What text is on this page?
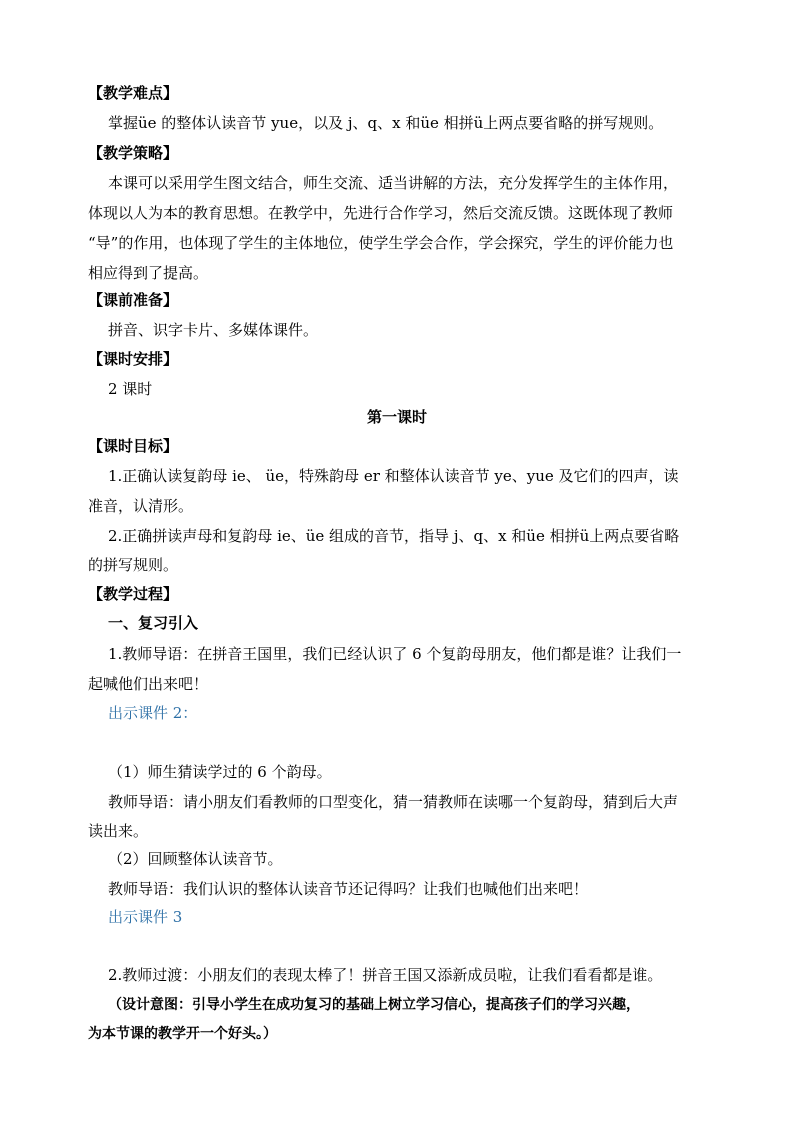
【教学难点】
掌握üe 的整体认读音节 yue，以及 j、q、x 和üe 相拼ü上两点要省略的拼写规则。
【教学策略】
本课可以采用学生图文结合，师生交流、适当讲解的方法，充分发挥学生的主体作用，
体现以人为本的教育思想。在教学中，先进行合作学习，然后交流反馈。这既体现了教师
“导”的作用，也体现了学生的主体地位，使学生学会合作，学会探究，学生的评价能力也
相应得到了提高。
【课前准备】
拼音、识字卡片、多媒体课件。
【课时安排】
2 课时
第一课时
【课时目标】
1.正确认读复韵母 ie、 üe，特殊韵母 er 和整体认读音节 ye、yue 及它们的四声，读
准音，认清形。
2.正确拼读声母和复韵母 ie、üe 组成的音节，指导 j、q、x 和üe 相拼ü上两点要省略
的拼写规则。
【教学过程】
一、复习引入
1.教师导语：在拼音王国里，我们已经认识了 6 个复韵母朋友，他们都是谁？让我们一
起喊他们出来吧！
出示课件 2：
（1）师生猜读学过的 6 个韵母。
教师导语：请小朋友们看教师的口型变化，猜一猜教师在读哪一个复韵母，猜到后大声
读出来。
（2）回顾整体认读音节。
教师导语：我们认识的整体认读音节还记得吗？让我们也喊他们出来吧！
出示课件 3
2.教师过渡：小朋友们的表现太棒了！拼音王国又添新成员啦，让我们看看都是谁。
（设计意图：引导小学生在成功复习的基础上树立学习信心，提高孩子们的学习兴趣，
为本节课的教学开一个好头。）
